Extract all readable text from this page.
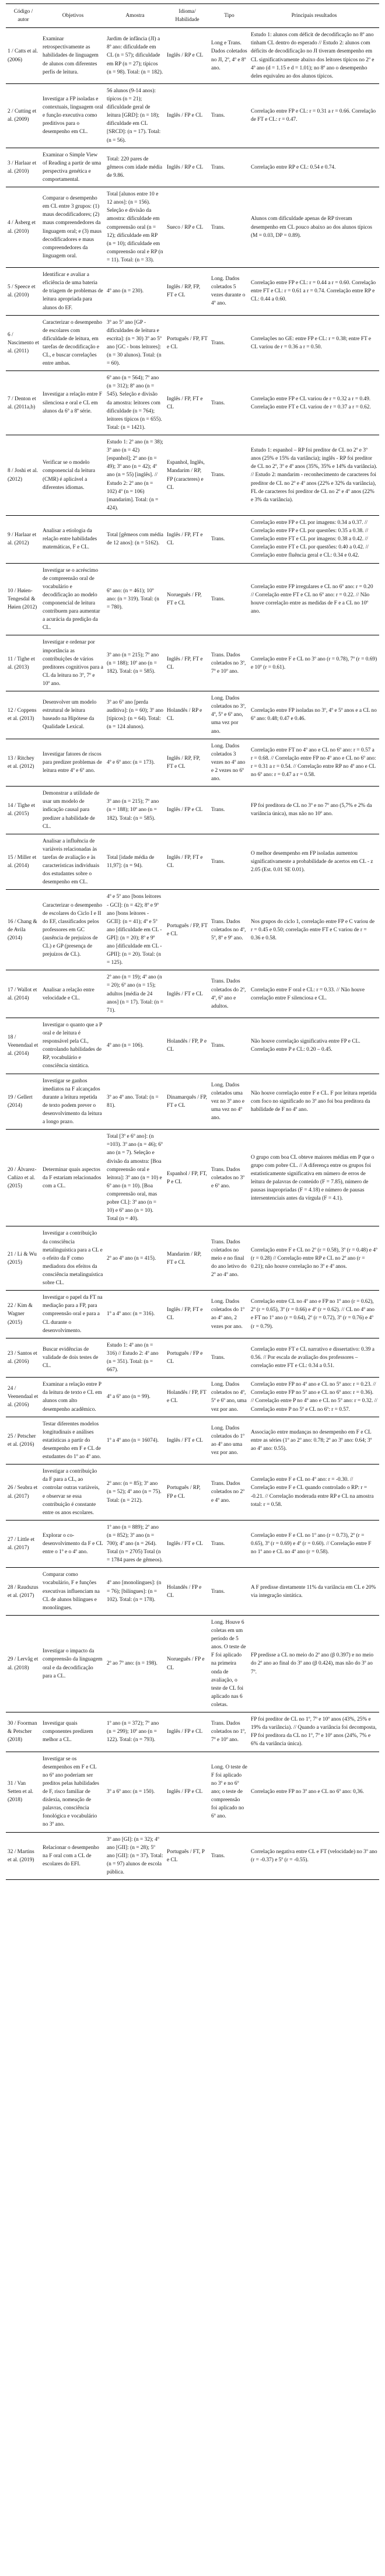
Código / autor	Objetivos	Amostra	Idioma/ Habilidade	Tipo	Principais resultados
1 / Catts et al. (2006)	Examinar retrospectivamente as habilidades de linguagem de alunos com diferentes perfis de leitura.	Jardim de infância (JI) a 8º ano: dificuldade em CL (n = 57); dificuldade em RP (n = 27); típicos (n = 98). Total: (n = 182).	Inglês / RP e CL	Long e Trans. Dados coletados no JI, 2º, 4º e 8º ano.	Estudo 1: alunos com déficit de decodificação no 8º ano tinham CL dentro do esperado // Estudo 2: alunos com déficits de decodificação no JI tiveram desempenho em CL significativamente abaixo dos leitores típicos no 2º e 4º ano (d = 1.15 e d = 1.01); no 8º ano o desempenho deles equivaleu ao dos alunos típicos.
2 / Cutting et al. (2009)	Investigar a FP isoladas e contextuais, linguagem oral e função executiva como preditivos para o desempenho em CL.	56 alunos (9-14 anos): típicos (n = 21); dificuldade geral de leitura [GRD]: (n = 18); dificuldade em CL [SRCD]: (n = 17). Total: (n = 56).	Inglês / FP e CL	Trans.	Correlação entre FP e CL: r = 0.31 a r = 0.66. Correlação de FT e CL: r = 0.47.
3 / Harlaar et al. (2010)	Examinar o Simple View of Reading a partir de uma perspectiva genética e comportamental.	Total: 220 pares de gêmeos com idade média de 9.86.	Inglês / RP e CL	Trans.	Correlação entre RP e CL: 0.54 e 0.74.
4 / Åsberg et al. (2010)	Comparar o desempenho em CL entre 3 grupos: (1) maus decodificadores; (2) maus compreendedores da linguagem oral; e (3) maus decodificadores e maus compreendedores da linguagem oral.	Total [alunos entre 10 e 12 anos]: (n = 156). Seleção e divisão da amostra: dificuldade em compreensão oral (n = 12); dificuldade em RP (n = 10); dificuldade em compreensão oral e RP (n = 11). Total: (n = 33).	Sueco / RP e CL	Trans.	Alunos com dificuldade apenas de RP tiveram desempenho em CL pouco abaixo ao dos alunos típicos (M = 0.03, DP = 0.89).
5 / Speece et al. (2010)	Identificar e avaliar a eficiência de uma bateria de triagem de problemas de leitura apropriada para alunos do EF.	4º ano (n = 230).	Inglês / RP, FP, FT e CL	Long. Dados coletados 5 vezes durante o 4º ano.	Correlação entre FP e CL: r = 0.44 a r = 0.60. Correlação entre FT e CL: r = 0.61 a r = 0.74. Correlação entre RP e CL: 0.44 a 0.60.
6 / Nascimento et al. (2011)	Caracterizar o desempenho de escolares com dificuldade de leitura, em tarefas de decodificação e CL, e buscar correlações entre ambas.	3º ao 5º ano [GP - dificuldades de leitura e escrita]: (n = 30) 3º ao 5º ano [GC - bons leitores]: (n = 30 alunos). Total: (n = 60).	Português / FP, FT e CL	Trans.	Correlações no GE: entre FP e CL: r = 0.38; entre FT e CL variou de r = 0.36 a r = 0.50.
7 / Denton et al. (2011a,b)	Investigar a relação entre F silenciosa e oral e CL em alunos da 6º a 8ª série.	6º ano (n = 564); 7º ano (n = 312); 8º ano (n = 545). Seleção e divisão da amostra: leitores com dificuldade (n = 764); leitores típicos (n = 655). Total: (n = 1421).	Inglês / FP, FT e CL	Trans.	Correlação entre FP e CL variou de r = 0.32 a r = 0.49. Correlação entre FT e CL variou de r = 0.37 a r = 0.62.
8 / Joshi et al. (2012)	Verificar se o modelo componencial da leitura (CMR) é aplicável a diferentes idiomas.	Estudo 1: 2º ano (n = 38); 3º ano (n = 42) [espanhol]; 2º ano (n = 49); 3º ano (n = 42); 4º ano (n = 55) [inglês]. // Estudo 2: 2º ano (n = 102) 4º (n = 106) [mandarim]. Total: (n = 424).	Espanhol, Inglês, Mandarim / RP, FP (caracteres) e CL	Trans.	Estudo 1: espanhol – RP foi preditor de CL no 2º e 3º anos (25% e 15% da variância); inglês - RP foi preditor de CL no 2º, 3º e 4º anos (35%, 35% e 14% da variância). // Estudo 2: mandarim - reconhecimento de caracteres foi preditor de CL no 2º e 4º anos (22% e 32% da variância), FL de caracteres foi preditor de CL no 2º e 4º anos (22% e 3% da variância).
9 / Harlaar et al. (2012)	Analisar a etiologia da relação entre habilidades matemáticas, F e CL.	Total [gêmeos com média de 12 anos]: (n = 5162).	Inglês / FP, FT e CL	Trans.	Correlação entre FP e CL por imagens: 0.34 a 0.37. // Correlação entre FP e CL por questões: 0.35 a 0.38. // Correlação entre FT e CL por imagens: 0.38 a 0.42. // Correlação entre FT e CL por questões: 0.40 a 0.42. // Correlação entre fluência geral e CL: 0.34 e 0.42.
10 / Høien-Tengesdal & Høien (2012)	Investigar se o acréscimo de compreensão oral de vocabulário e decodificação ao modelo componencial de leitura contribuem para aumentar a acurácia da predição da CL.	6º ano: (n = 461); 10º ano: (n = 319). Total: (n = 780).	Norueguês / FP, FT e CL	Trans.	Correlação entre FP irregulares e CL no 6º ano: r = 0.20 // Correlação entre FT e CL no 6º ano: r = 0.22. // Não houve correlação entre as medidas de F e a CL no 10º ano.
11 / Tighe et al. (2013)	Investigar e ordenar por importância as contribuições de vários preditores cognitivos para a CL da leitura no 3º, 7º e 10º ano.	3º ano (n = 215); 7º ano (n = 188); 10º ano (n = 182). Total: (n = 585).	Inglês / FP, FT e CL	Trans. Dados coletados no 3º, 7º e 10º ano.	Correlação entre F e CL no 3º ano (r = 0.78), 7º (r = 0.69) e 10º (r = 0.61).
12 / Coppens et al. (2013)	Desenvolver um modelo estrutural de leitura baseado na Hipótese da Qualidade Lexical.	3º ao 6º ano [perda auditiva]: (n = 60); 3º ano [típicos]: (n = 64). Total: (n = 124 alunos).	Holandês / RP e CL	Long. Dados coletados no 3º, 4º, 5º e 6º ano, uma vez por ano.	Correlação entre FP isoladas no 3º, 4º e 5º anos e a CL no 6º ano: 0.48; 0.47 e 0.46.
13 / Ritchey et al. (2012)	Investigar fatores de riscos para predizer problemas de leitura entre 4º e 6º ano.	4º e 6º ano: (n = 173).	Inglês / RP, FP, FT e CL	Long. Dados coletados 3 vezes no 4º ano e 2 vezes no 6º ano.	Correlação entre FT no 4º ano e CL no 6º ano: r = 0.57 a r = 0.68. // Correlação entre FP no 4º ano e CL no 6º ano: r = 0.31 a r = 0.54. // Correlação entre RP no 4º ano e CL no 6º ano: r = 0.47 a r = 0.58.
14 / Tighe et al. (2015)	Demonstrar a utilidade de usar um modelo de indicação causal para predizer a habilidade de CL.	3º ano (n = 215); 7º ano (n = 188); 10º ano (n = 182). Total: (n = 585).	Inglês / FP e CL	Trans.	FP foi preditora de CL no 3º e no 7º ano (5,7% e 2% da variância única), mas não no 10º ano.
15 / Miller et al. (2014)	Analisar a influência de variáveis relacionadas às tarefas de avaliação e às características individuais dos estudantes sobre o desempenho em CL.	Total [idade média de 11,97]: (n = 94).	Inglês / FP, FT e CL	Trans.	O melhor desempenho em FP isoladas aumentou significativamente a probabilidade de acertos em CL - z 2.05 (Est. 0.01 SE 0.01).
16 / Chang & de Avila (2014)	Caracterizar o desempenho de escolares do Ciclo I e II do EF, classificados pelos professores em GC (ausência de prejuízos de CL) e GP (presença de prejuízos de CL).	4º e 5º ano [bons leitores - GCI]: (n = 42); 8º e 9º ano [bons leitores - GCII]: (n = 41); 4º e 5º ano [dificuldade em CL - GPI]: (n = 20); 8º e 9º ano [dificuldade em CL - GPII]: (n = 20). Total: (n = 125).	Português / FP, FT e CL	Trans. Dados coletados no 4º, 5º, 8º e 9º ano.	Nos grupos do ciclo 1, correlação entre FP e C variou de r = 0.45 e 0.50; correlação entre FT e C variou de r = 0.36 e 0.58.
17 / Wallot et al. (2014)	Analisar a relação entre velocidade e CL.	2º ano (n = 19); 4º ano (n = 20); 6º ano (n = 15); adultos [média de 24 anos] (n = 17). Total: (n = 71).	Inglês / FT e CL	Trans. Dados coletados do 2º, 4º, 6º ano e adultos.	Correlação entre F oral e CL: r = 0.33. // Não houve correlação entre F silenciosa e CL.
18 / Veenendaal et al. (2014)	Investigar o quanto que a P oral e de leitura é responsável pela CL, controlando habilidades de RP, vocabulário e consciência sintática.	4º ano (n = 106).	Holandês / FP, P e CL	Trans.	Não houve correlação significativa entre FP e CL. Correlação entre P e CL: 0.20 – 0.45.
19 / Gellert (2014)	Investigar se ganhos imediatos na F alcançados durante a leitura repetida de texto podem prever o desenvolvimento da leitura a longo prazo.	3º ao 4º ano. Total: (n = 81).	Dinamarquês / FP, FT e CL	Long. Dados coletados uma vez no 3º ano e uma vez no 4º ano.	Não houve correlação entre F e CL. F por leitura repetida com foco no significado no 3º ano foi boa preditora da habilidade de F no 4º ano.
20 / Álvarez-Cañizo et al. (2015)	Determinar quais aspectos da F estariam relacionados com a CL.	Total [3º e 6º ano]: (n =103). 3º ano (n = 46); 6º ano (n = 7). Seleção e divisão da amostra: [Boa compreensão oral e leitora]: 3º ano (n = 10) e 6º ano (n = 10). [Boa compreensão oral, mas pobre CL]: 3º ano (n = 10) e 6º ano (n = 10). Total (n = 40).	Espanhol / FP, FT, P e CL	Trans. Dados coletados no 3º e 6º ano.	O grupo com boa CL obteve maiores médias em P que o grupo com pobre CL. // A diferença entre os grupos foi estatisticamente significativa em número de erros de leitura de palavras de conteúdo (F = 7.85), número de pausas inapropriadas (F = 4.18) e número de pausas intersentenciais antes da vírgula (F = 4.1).
21 / Li & Wu (2015)	Investigar a contribuição da consciência metalinguística para a CL e o efeito da F como mediadora dos efeitos da consciência metalinguística sobre CL.	2º ao 4º ano (n = 415).	Mandarim / RP, FT e CL	Trans. Dados coletados no meio e no final do ano letivo do 2º ao 4º ano.	Correlação entre F e CL no 2º (r = 0.58), 3º (r = 0.48) e 4º (r = 0.28) // Correlação entre RP e CL no 2º ano (r = 0.21); não houve correlação no 3º e 4º anos.
22 / Kim & Wagner (2015)	Investigar o papel da FT na mediação para a FP, para compreensão oral e para a CL durante o desenvolvimento.	1º a 4º ano: (n = 316).	Inglês / FP, FT e CL	Long. Dados coletados do 1º ao 4º ano, 2 vezes por ano.	Correlação entre CL no 4º ano e FP no 1º ano (r = 0.62), 2º (r = 0.65), 3º (r = 0.66) e 4º (r = 0.62). // CL no 4º ano e FT no 1º ano (r = 0.64), 2º (r = 0.72), 3º (r = 0.76) e 4º (r = 0.79).
23 / Santos et al. (2016)	Buscar evidências de validade de dois testes de CL.	Estudo 1: 4º ano (n = 316) // Estudo 2: 4º ano (n = 351). Total: (n = 667).	Português / FP e CL	Trans.	Correlação entre FT e CL narrativo e dissertativo: 0.39 a 0.56. // Por escala de avaliação dos professores – correlação entre FT e CL: 0.34 a 0.51.
24 / Veenendaal et al. (2016)	Examinar a relação entre P da leitura de texto e CL em alunos com alto desempenho acadêmico.	4º a 6º ano (n = 99).	Holandês / FP, FT e CL	Long. Dados coletados no 4º, 5º e 6º ano, uma vez por ano.	Correlação entre FP no 4º ano e CL no 5º ano: r = 0.23. // Correlação entre FP no 5º ano e CL no 6º ano: r = 0.36). // Correlação entre P no 4º ano e CL no 5º ano: r = 0.32. // Correlação entre P no 5º e CL no 6º: r = 0.57.
25 / Petscher et al. (2016)	Testar diferentes modelos longitudinais e análises estatísticas a partir do desempenho em F e CL de estudantes do 1º ao 4º ano.	1º a 4º ano (n = 16074).	Inglês / FT e CL	Long. Dados coletados do 1º ao 4º ano uma vez por ano.	Associação entre mudanças no desempenho em F e CL entre as séries (1º ao 2º ano: 0.78; 2º ao 3º ano: 0.64; 3º ao 4º ano: 0.55).
26 / Seabra et al. (2017)	Investigar a contribuição da F para a CL, ao controlar outras variáveis, e observar se essa contribuição é constante entre os anos escolares.	2º ano: (n = 85); 3º ano (n = 52); 4º ano (n = 75). Total: (n = 212).	Português / RP, FP e CL	Trans. Dados coletados no 2º e 4º ano.	Correlação entre F e CL no 4º ano: r = -0.30. // Correlação entre F e CL quando controlado o RP: r = -0.21. // Correlação moderada entre RP e CL na amostra total: r = 0.58.
27 / Little et al. (2017)	Explorar o co-desenvolvimento da F e CL entre o 1º e o 4º ano.	1º ano (n = 889); 2ª ano (n = 852); 3º ano (n = 700); 4º ano (n = 264). Total (n = 2705) Total (n = 1784 pares de gêmeos).	Inglês / FT e CL	Trans.	Correlação entre F e CL no 1º ano (r = 0.73), 2º (r = 0.65), 3º (r = 0.69) e 4º (r = 0.60). // Correlação entre F no 1º ano e CL no 4º ano (r = 0.58).
28 / Raudszus et al. (2017)	Comparar como vocabulário, F e funções executivas influenciam na CL de alunos bilíngues e monolíngues.	4º ano [monolíngues]: (n = 76); [bilíngues]: (n = 102). Total: (n = 178).	Holandês / FP e CL	Trans.	A F predisse diretamente 11% da variância em CL e 20% via integração sintática.
29 / Lervåg et al. (2018)	Investigar o impacto da compreensão da linguagem oral e da decodificação para a CL.	2º ao 7º ano: (n = 198).	Norueguês / FP e CL	Long. Houve 6 coletas em um período de 5 anos. O teste de F foi aplicado na primeira onda de avaliação, o teste de CL foi aplicado nas 6 coletas.	FP predisse a CL no meio do 2º ano (β 0.397) e no meio do 2º ano ao final do 3º ano (β 0.424), mas não do 3º ao 7º.
30 / Foorman & Petscher (2018)	Investigar quais componentes predizem melhor a CL.	1º ano (n = 372); 7º ano (n = 299); 10º ano (n = 122). Total: (n = 793).	Inglês / FP e CL	Trans. Dados coletados no 1º, 7º e 10º ano.	FP foi preditor de CL no 1º, 7º e 10º anos (43%, 25% e 19% da variância). // Quando a variância foi decomposta, FP foi preditora da CL no 1º, 7º e 10º anos (24%, 7% e 6% da variância única).
31 / Van Setten et al. (2018)	Investigar se os desempenhos em F e CL no 6º ano poderiam ser preditos pelas habilidades de F, risco familiar de dislexia, nomeação de palavras, consciência fonológica e vocabulário no 3º ano.	3º a 6º ano: (n = 150).	Inglês / FP e CL	Long. O teste de F foi aplicado no 3º e no 6º ano; o teste de compreensão foi aplicado no 6º ano.	Correlação entre FP no 3º ano e CL no 6º ano: 0,36.
32 / Martins et al. (2019)	Relacionar o desempenho na F oral com a CL de escolares do EFI.	3º ano [GI]: (n = 32); 4º ano [GII]: (n = 28); 5º ano [GII]: (n = 37). Total: (n = 97) alunos de escola pública.	Português / FT, P e CL	Trans.	Correlação negativa entre CL e FT (velocidade) no 3º ano (r = -0.37) e 5º (r = -0.55).
